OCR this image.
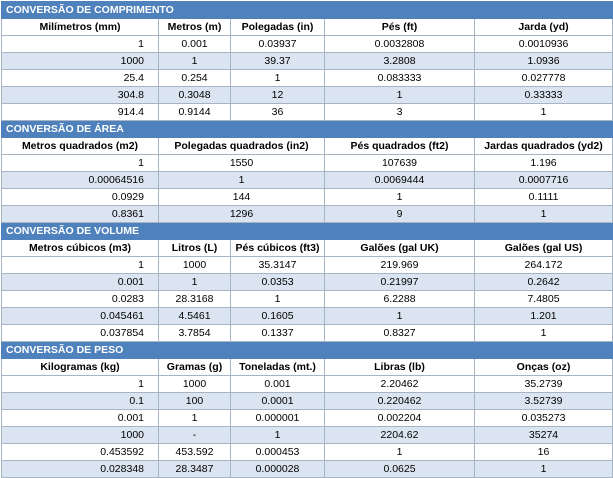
CONVERSÃO DE COMPRIMENTO				
Milímetros (mm)	Metros (m)	Polegadas (in)	Pés (ft)	Jarda (yd)
1	0.001	0.03937	0.0032808	0.0010936
1000	1	39.37	3.2808	1.0936
25.4	0.254	1	0.083333	0.027778
304.8	0.3048	12	1	0.33333
914.4	0.9144	36	3	1
CONVERSÃO DE ÁREA				
Metros quadrados (m2)	Polegadas quadrados (in2)		Pés quadrados (ft2)	Jardas quadrados (yd2)
1	1550		107639	1.196
0.00064516	1		0.0069444	0.0007716
0.0929	144		1	0.1111
0.8361	1296		9	1
CONVERSÃO DE VOLUME				
Metros cúbicos (m3)	Litros (L)	Pés cúbicos (ft3)	Galões (gal UK)	Galões (gal US)
1	1000	35.3147	219.969	264.172
0.001	1	0.0353	0.21997	0.2642
0.0283	28.3168	1	6.2288	7.4805
0.045461	4.5461	0.1605	1	1.201
0.037854	3.7854	0.1337	0.8327	1
CONVERSÃO DE PESO				
Kilogramas (kg)	Gramas (g)	Toneladas (mt.)	Libras (lb)	Onças (oz)
1	1000	0.001	2.20462	35.2739
0.1	100	0.0001	0.220462	3.52739
0.001	1	0.000001	0.002204	0.035273
1000	-	1	2204.62	35274
0.453592	453.592	0.000453	1	16
0.028348	28.3487	0.000028	0.0625	1
